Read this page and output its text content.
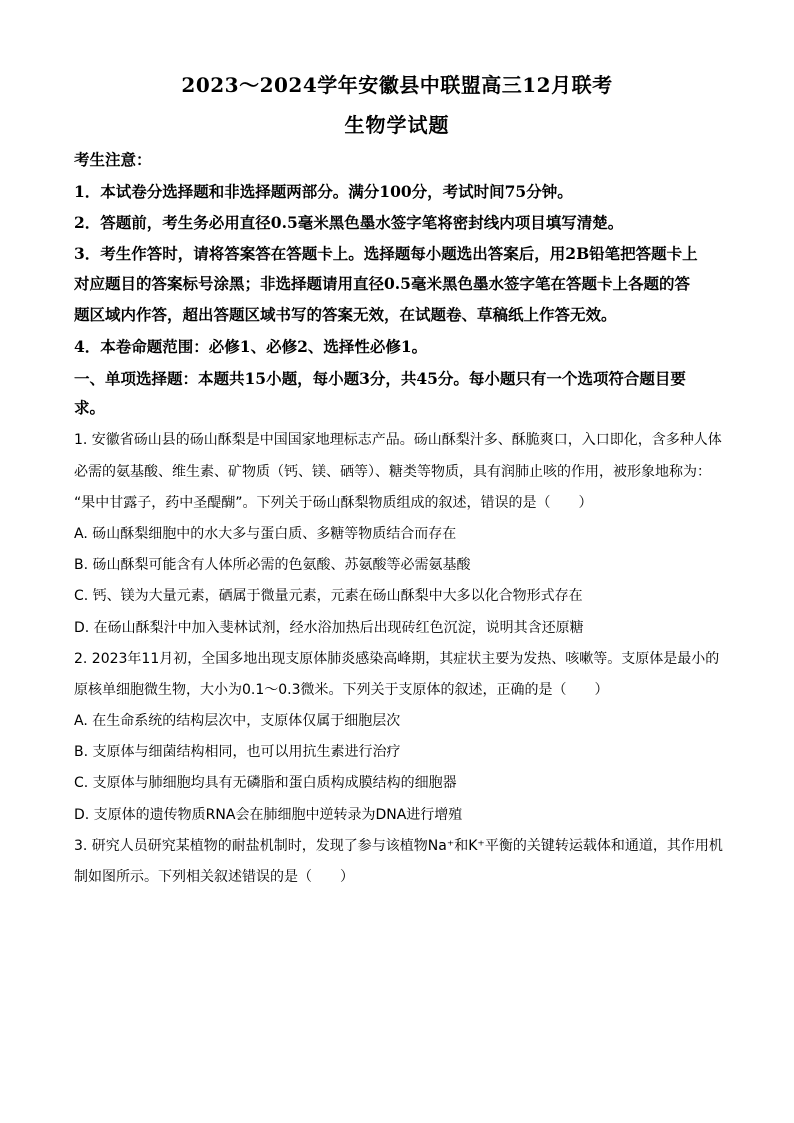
2023～2024学年安徽县中联盟高三12月联考
生物学试题
考生注意：
1．本试卷分选择题和非选择题两部分。满分100分，考试时间75分钟。
2．答题前，考生务必用直径0.5毫米黑色墨水签字笔将密封线内项目填写清楚。
3．考生作答时，请将答案答在答题卡上。选择题每小题选出答案后，用2B铅笔把答题卡上
对应题目的答案标号涂黑；非选择题请用直径0.5毫米黑色墨水签字笔在答题卡上各题的答
题区域内作答，超出答题区域书写的答案无效，在试题卷、草稿纸上作答无效。
4．本卷命题范围：必修1、必修2、选择性必修1。
一、单项选择题：本题共15小题，每小题3分，共45分。每小题只有一个选项符合题目要
求。
1. 安徽省砀山县的砀山酥梨是中国国家地理标志产品。砀山酥梨汁多、酥脆爽口，入口即化，含多种人体
必需的氨基酸、维生素、矿物质（钙、镁、硒等）、糖类等物质，具有润肺止咳的作用，被形象地称为：
“果中甘露子，药中圣醍醐”。下列关于砀山酥梨物质组成的叙述，错误的是（　　）
A. 砀山酥梨细胞中的水大多与蛋白质、多糖等物质结合而存在
B. 砀山酥梨可能含有人体所必需的色氨酸、苏氨酸等必需氨基酸
C. 钙、镁为大量元素，硒属于微量元素，元素在砀山酥梨中大多以化合物形式存在
D. 在砀山酥梨汁中加入斐林试剂，经水浴加热后出现砖红色沉淀，说明其含还原糖
2. 2023年11月初，全国多地出现支原体肺炎感染高峰期，其症状主要为发热、咳嗽等。支原体是最小的
原核单细胞微生物，大小为0.1～0.3微米。下列关于支原体的叙述，正确的是（　　）
A. 在生命系统的结构层次中，支原体仅属于细胞层次
B. 支原体与细菌结构相同，也可以用抗生素进行治疗
C. 支原体与肺细胞均具有无磷脂和蛋白质构成膜结构的细胞器
D. 支原体的遗传物质RNA会在肺细胞中逆转录为DNA进行增殖
3. 研究人员研究某植物的耐盐机制时，发现了参与该植物Na⁺和K⁺平衡的关键转运载体和通道，其作用机
制如图所示。下列相关叙述错误的是（　　）
